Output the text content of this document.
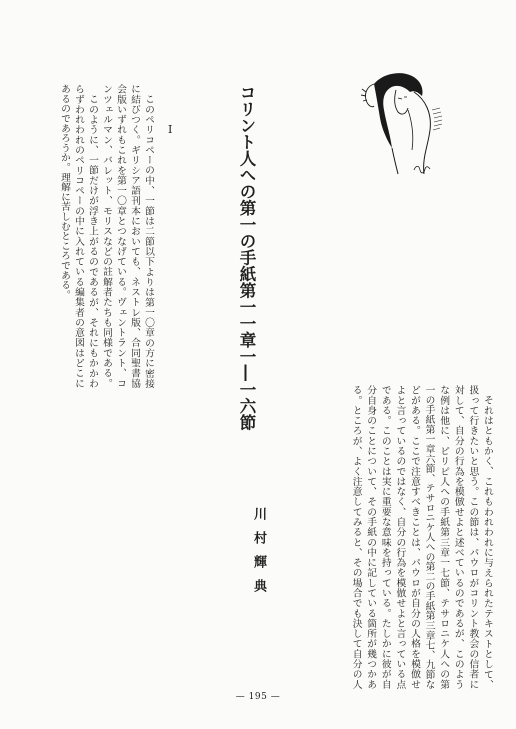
コリント人への第一の手紙第一一章一―一六節
川村輝典
I
このペリコペーの中、一節は二節以下よりは第一〇章の方に密接
に結びつく。ギリシア語刊本においても、ネストレ版、合同聖書協
会版いずれもこれを第一〇章とつなげている。ヴェントラント、コ
ンツェルマン、バレット、モリスなどの註解者たちも同様である。
このように、一節だけが浮き上がるのであるが、それにもかかわ
らずわれわれのペリコペーの中に入れている編集者の意図はどこに
あるのであろうか。理解に苦しむところである。
それはともかく、これもわれわれに与えられたテキストとして、
扱って行きたいと思う。この節は、パウロがコリント教会の信者に
対して、自分の行為を模倣せよと述べているのであるが、このよう
な例は他に、ピリピ人への手紙第三章一七節、テサロニケ人への第
一の手紙第一章六節、テサロニケ人への第二の手紙第三章七、九節な
どがある。ここで注意すべきことは、パウロが自分の人格を模倣せ
よと言っているのではなく、自分の行為を模倣せよと言っている点
である。このことは実に重要な意味を持っている。たしかに彼が自
分自身のことについて、その手紙の中に記している箇所が幾つかあ
る。ところが、よく注意してみると、その場合でも決して自分の人
— 195 —
